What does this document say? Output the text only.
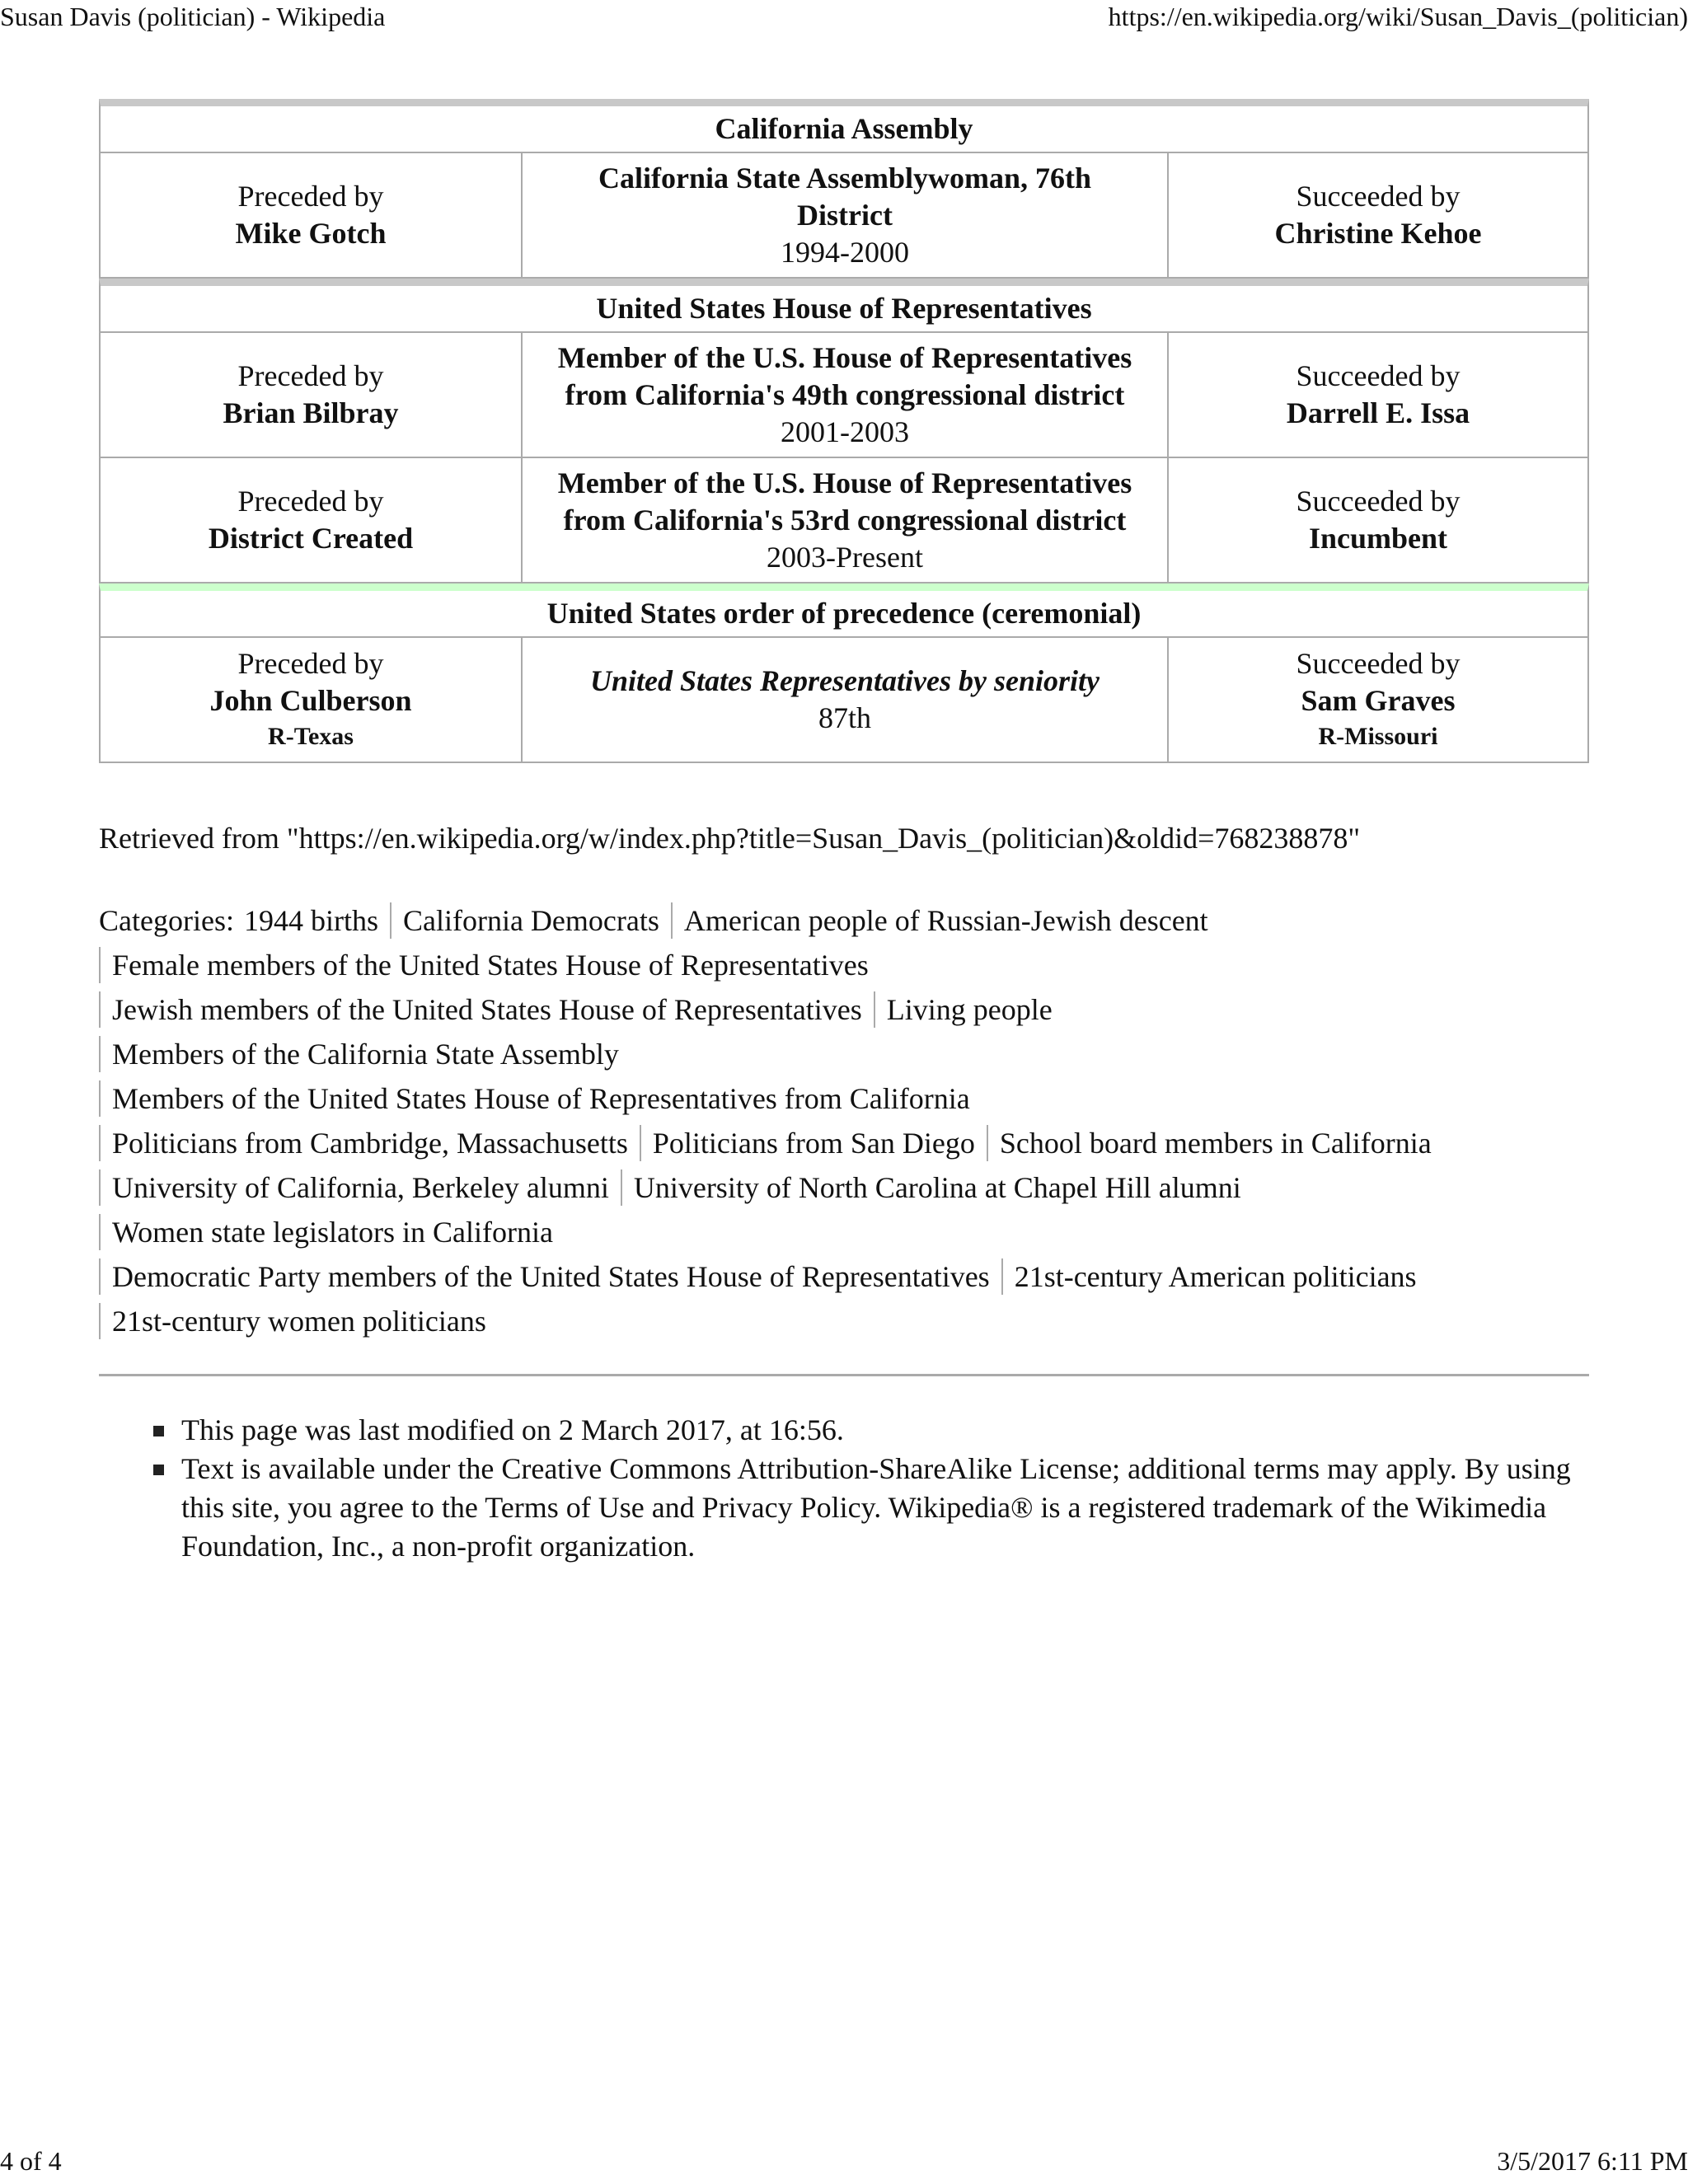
Susan Davis (politician) - Wikipedia	https://en.wikipedia.org/wiki/Susan_Davis_(politician)
California Assembly
Preceded by
Mike Gotch
California State Assemblywoman, 76th District
1994-2000
Succeeded by
Christine Kehoe
United States House of Representatives
Preceded by
Brian Bilbray
Member of the U.S. House of Representatives
from California's 49th congressional district
2001-2003
Succeeded by
Darrell E. Issa
Preceded by
District Created
Member of the U.S. House of Representatives
from California's 53rd congressional district
2003-Present
Succeeded by
Incumbent
United States order of precedence (ceremonial)
Preceded by
John Culberson
R-Texas
United States Representatives by seniority
87th
Succeeded by
Sam Graves
R-Missouri
Retrieved from "https://en.wikipedia.org/w/index.php?title=Susan_Davis_(politician)&oldid=768238878"
Categories: 1944 births California Democrats American people of Russian-Jewish descent
Female members of the United States House of Representatives
Jewish members of the United States House of Representatives Living people
Members of the California State Assembly
Members of the United States House of Representatives from California
Politicians from Cambridge, Massachusetts Politicians from San Diego School board members in California
University of California, Berkeley alumni University of North Carolina at Chapel Hill alumni
Women state legislators in California
Democratic Party members of the United States House of Representatives 21st-century American politicians
21st-century women politicians
This page was last modified on 2 March 2017, at 16:56.
Text is available under the Creative Commons Attribution-ShareAlike License; additional terms may apply. By using this site, you agree to the Terms of Use and Privacy Policy. Wikipedia® is a registered trademark of the Wikimedia Foundation, Inc., a non-profit organization.
4 of 4	3/5/2017 6:11 PM
